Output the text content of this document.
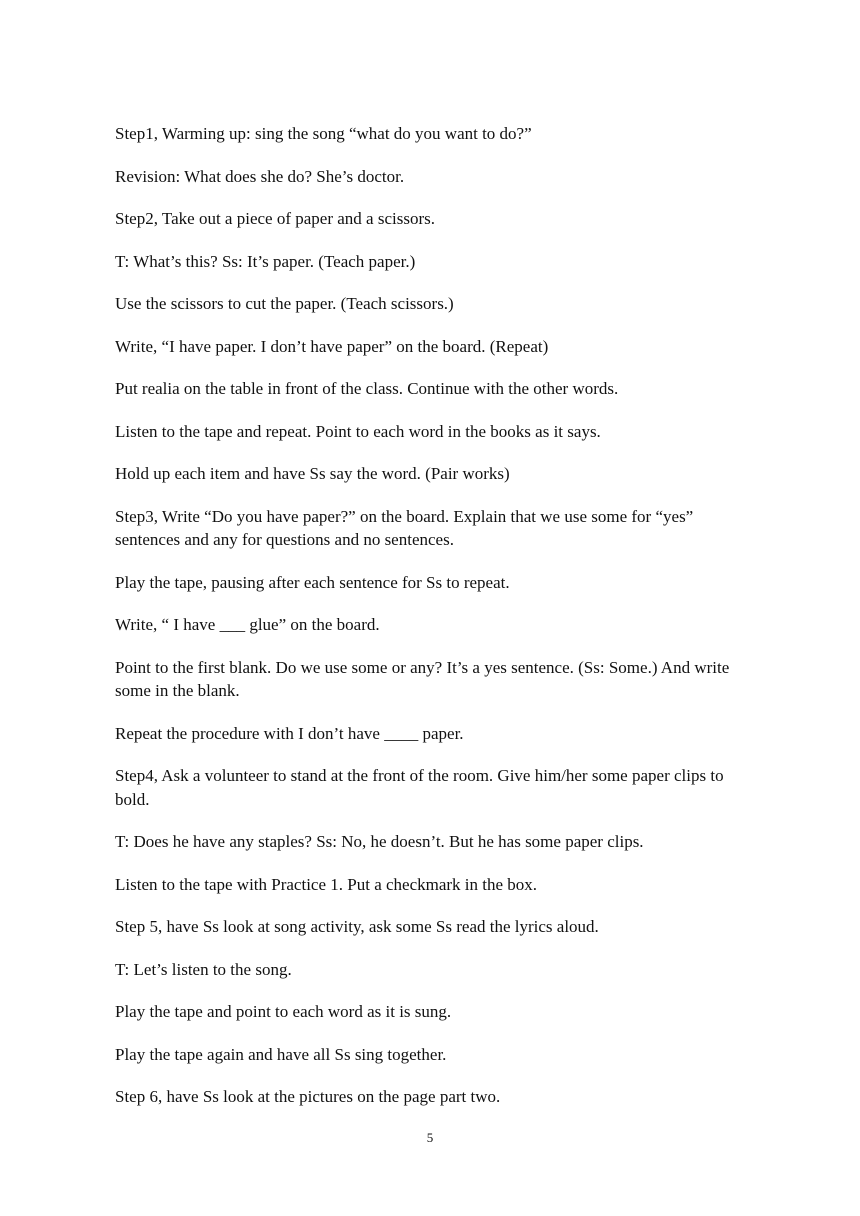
Step1, Warming up: sing the song “what do you want to do?”

Revision: What does she do? She’s doctor.

Step2, Take out a piece of paper and a scissors.

T: What’s this? Ss: It’s paper. (Teach paper.)

Use the scissors to cut the paper. (Teach scissors.)

Write, “I have paper. I don’t have paper” on the board. (Repeat)

Put realia on the table in front of the class. Continue with the other words.

Listen to the tape and repeat. Point to each word in the books as it says.

Hold up each item and have Ss say the word. (Pair works)

Step3, Write “Do you have paper?” on the board. Explain that we use some for “yes” sentences and any for questions and no sentences.

Play the tape, pausing after each sentence for Ss to repeat.

Write, “ I have ___ glue” on the board.

Point to the first blank. Do we use some or any? It’s a yes sentence. (Ss: Some.) And write some in the blank.

Repeat the procedure with I don’t have ____ paper.

Step4, Ask a volunteer to stand at the front of the room. Give him/her some paper clips to bold.

T: Does he have any staples? Ss: No, he doesn’t. But he has some paper clips.

Listen to the tape with Practice 1. Put a checkmark in the box.

Step 5, have Ss look at song activity, ask some Ss read the lyrics aloud.

T: Let’s listen to the song.

Play the tape and point to each word as it is sung.

Play the tape again and have all Ss sing together.

Step 6, have Ss look at the pictures on the page part two.

5
